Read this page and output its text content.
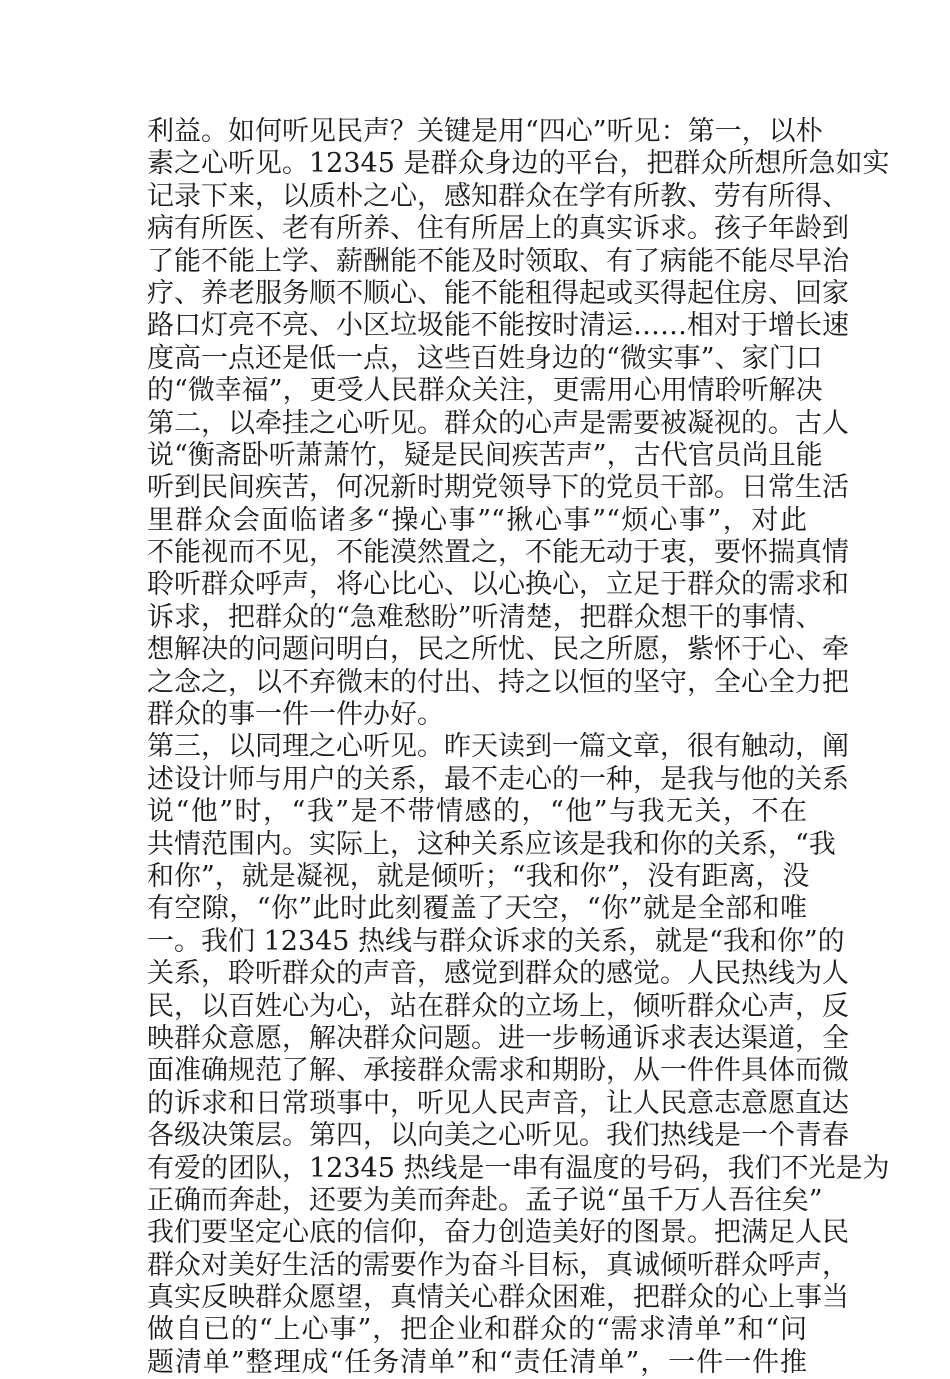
利益。如何听见民声？关键是用“四心”听见：第一，以朴
素之心听见。12345 是群众身边的平台，把群众所想所急如实
记录下来，以质朴之心，感知群众在学有所教、劳有所得、
病有所医、老有所养、住有所居上的真实诉求。孩子年龄到
了能不能上学、薪酬能不能及时领取、有了病能不能尽早治
疗、养老服务顺不顺心、能不能租得起或买得起住房、回家
路口灯亮不亮、小区垃圾能不能按时清运……相对于增长速
度高一点还是低一点，这些百姓身边的“微实事”、家门口
的“微幸福”，更受人民群众关注，更需用心用情聆听解决
第二，以牵挂之心听见。群众的心声是需要被凝视的。古人
说“衡斋卧听萧萧竹，疑是民间疾苦声”，古代官员尚且能
听到民间疾苦，何况新时期党领导下的党员干部。日常生活
里群众会面临诸多“操心事”“揪心事”“烦心事”，对此
不能视而不见，不能漠然置之，不能无动于衷，要怀揣真情
聆听群众呼声，将心比心、以心换心，立足于群众的需求和
诉求，把群众的“急难愁盼”听清楚，把群众想干的事情、
想解决的问题问明白，民之所忧、民之所愿，紫怀于心、牵
之念之，以不弃微末的付出、持之以恒的坚守，全心全力把
群众的事一件一件办好。
第三，以同理之心听见。昨天读到一篇文章，很有触动，阐
述设计师与用户的关系，最不走心的一种，是我与他的关系
说“他”时，“我”是不带情感的，“他”与我无关，不在
共情范围内。实际上，这种关系应该是我和你的关系，“我
和你”，就是凝视，就是倾听；“我和你”，没有距离，没
有空隙，“你”此时此刻覆盖了天空，“你”就是全部和唯
一。我们 12345 热线与群众诉求的关系，就是“我和你”的
关系，聆听群众的声音，感觉到群众的感觉。人民热线为人
民，以百姓心为心，站在群众的立场上，倾听群众心声，反
映群众意愿，解决群众问题。进一步畅通诉求表达渠道，全
面准确规范了解、承接群众需求和期盼，从一件件具体而微
的诉求和日常琐事中，听见人民声音，让人民意志意愿直达
各级决策层。第四，以向美之心听见。我们热线是一个青春
有爱的团队，12345 热线是一串有温度的号码，我们不光是为
正确而奔赴，还要为美而奔赴。孟子说“虽千万人吾往矣”
我们要坚定心底的信仰，奋力创造美好的图景。把满足人民
群众对美好生活的需要作为奋斗目标，真诚倾听群众呼声，
真实反映群众愿望，真情关心群众困难，把群众的心上事当
做自已的“上心事”，把企业和群众的“需求清单”和“问
题清单”整理成“任务清单”和“责任清单”，一件一件推
